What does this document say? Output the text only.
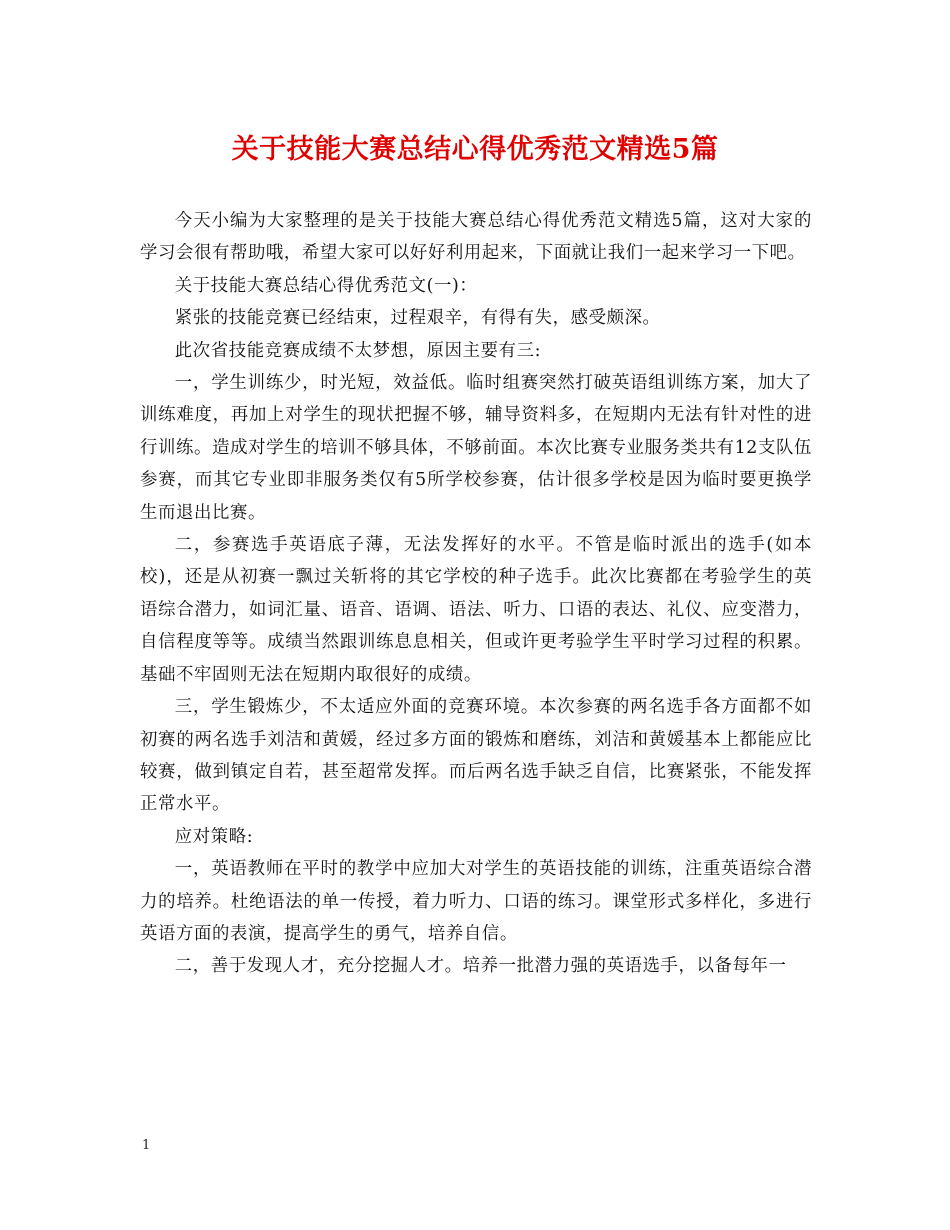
关于技能大赛总结心得优秀范文精选5篇

今天小编为大家整理的是关于技能大赛总结心得优秀范文精选5篇，这对大家的学习会很有帮助哦，希望大家可以好好利用起来，下面就让我们一起来学习一下吧。

关于技能大赛总结心得优秀范文(一)：

紧张的技能竞赛已经结束，过程艰辛，有得有失，感受颇深。

此次省技能竞赛成绩不太梦想，原因主要有三:

一，学生训练少，时光短，效益低。临时组赛突然打破英语组训练方案，加大了训练难度，再加上对学生的现状把握不够，辅导资料多，在短期内无法有针对性的进行训练。造成对学生的培训不够具体，不够前面。本次比赛专业服务类共有12支队伍参赛，而其它专业即非服务类仅有5所学校参赛，估计很多学校是因为临时要更换学生而退出比赛。

二，参赛选手英语底子薄，无法发挥好的水平。不管是临时派出的选手(如本校)，还是从初赛一飘过关斩将的其它学校的种子选手。此次比赛都在考验学生的英语综合潜力，如词汇量、语音、语调、语法、听力、口语的表达、礼仪、应变潜力，自信程度等等。成绩当然跟训练息息相关，但或许更考验学生平时学习过程的积累。基础不牢固则无法在短期内取很好的成绩。

三，学生锻炼少，不太适应外面的竞赛环境。本次参赛的两名选手各方面都不如初赛的两名选手刘洁和黄媛，经过多方面的锻炼和磨练，刘洁和黄媛基本上都能应比较赛，做到镇定自若，甚至超常发挥。而后两名选手缺乏自信，比赛紧张，不能发挥正常水平。

应对策略:

一，英语教师在平时的教学中应加大对学生的英语技能的训练，注重英语综合潜力的培养。杜绝语法的单一传授，着力听力、口语的练习。课堂形式多样化，多进行英语方面的表演，提高学生的勇气，培养自信。

二，善于发现人才，充分挖掘人才。培养一批潜力强的英语选手，以备每年一

1
